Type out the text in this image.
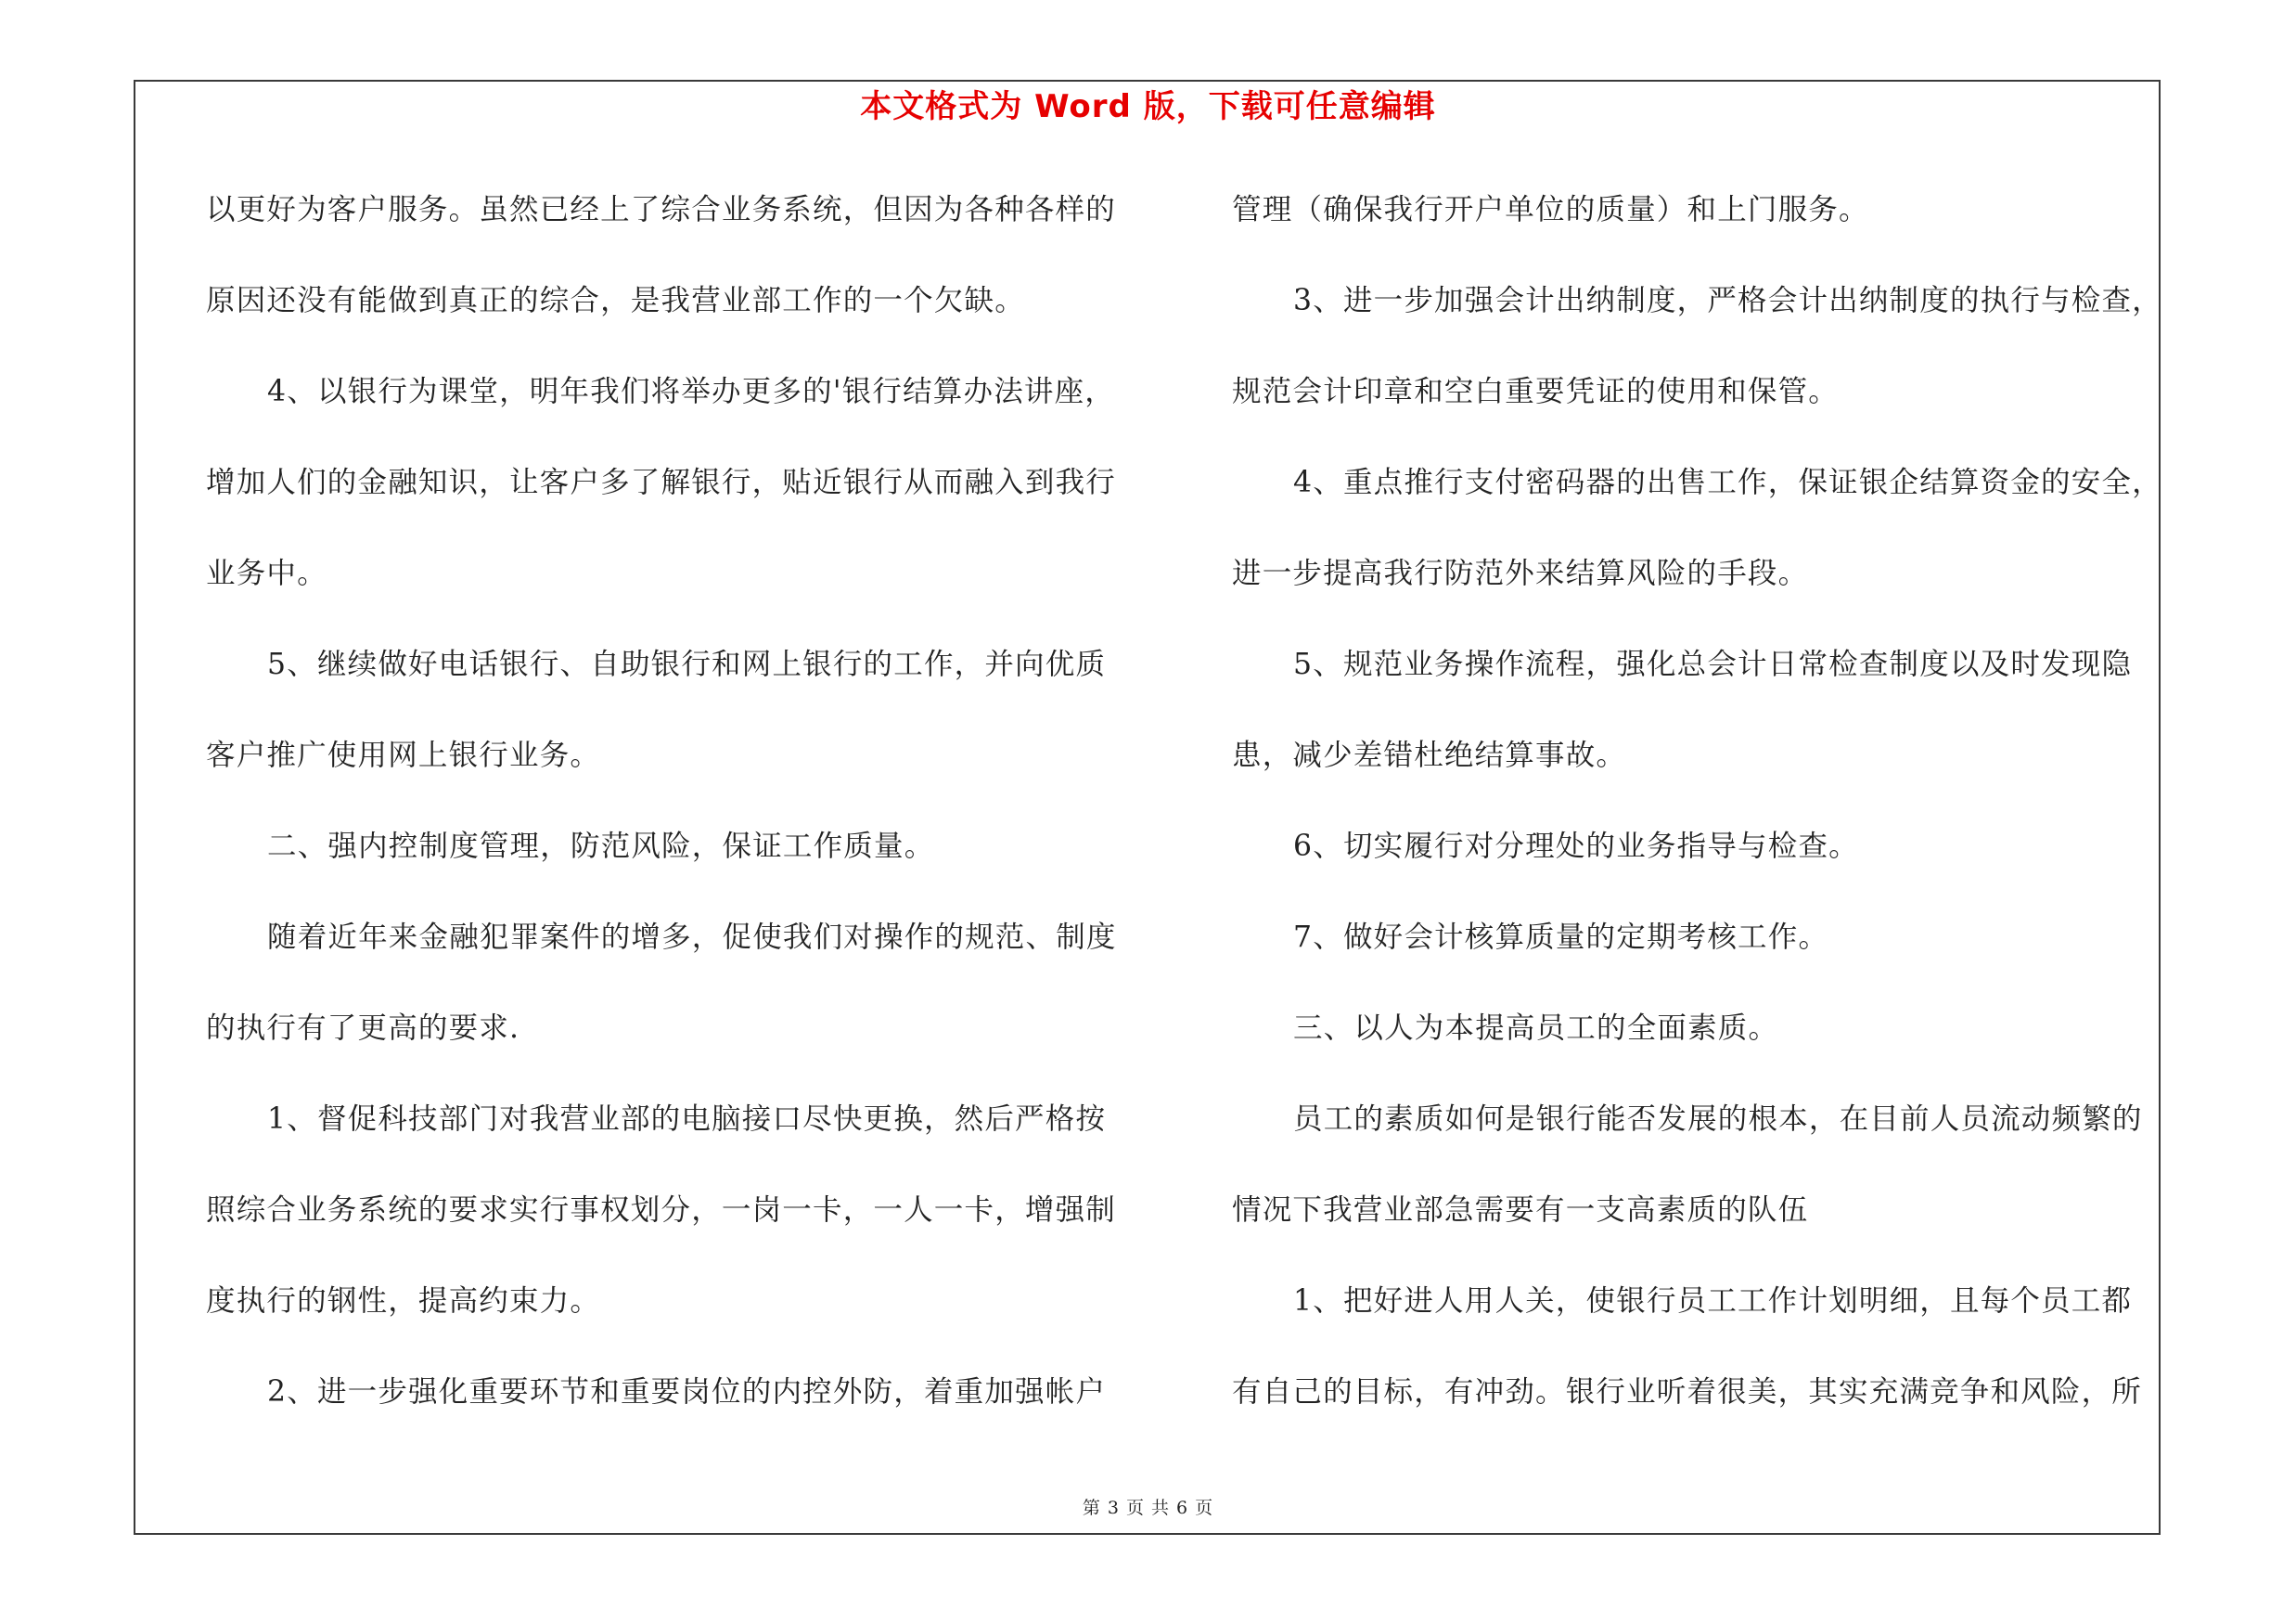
本文格式为 Word 版，下载可任意编辑
以更好为客户服务。虽然已经上了综合业务系统，但因为各种各样的
原因还没有能做到真正的综合，是我营业部工作的一个欠缺。
4、以银行为课堂，明年我们将举办更多的'银行结算办法讲座，
增加人们的金融知识，让客户多了解银行，贴近银行从而融入到我行
业务中。
5、继续做好电话银行、自助银行和网上银行的工作，并向优质
客户推广使用网上银行业务。
二、强内控制度管理，防范风险，保证工作质量。
随着近年来金融犯罪案件的增多，促使我们对操作的规范、制度
的执行有了更高的要求.
1、督促科技部门对我营业部的电脑接口尽快更换，然后严格按
照综合业务系统的要求实行事权划分，一岗一卡，一人一卡，增强制
度执行的钢性，提高约束力。
2、进一步强化重要环节和重要岗位的内控外防，着重加强帐户
管理（确保我行开户单位的质量）和上门服务。
3、进一步加强会计出纳制度，严格会计出纳制度的执行与检查，
规范会计印章和空白重要凭证的使用和保管。
4、重点推行支付密码器的出售工作，保证银企结算资金的安全，
进一步提高我行防范外来结算风险的手段。
5、规范业务操作流程，强化总会计日常检查制度以及时发现隐
患，减少差错杜绝结算事故。
6、切实履行对分理处的业务指导与检查。
7、做好会计核算质量的定期考核工作。
三、以人为本提高员工的全面素质。
员工的素质如何是银行能否发展的根本，在目前人员流动频繁的
情况下我营业部急需要有一支高素质的队伍
1、把好进人用人关，使银行员工工作计划明细，且每个员工都
有自己的目标，有冲劲。银行业听着很美，其实充满竞争和风险，所
第 3 页 共 6 页
